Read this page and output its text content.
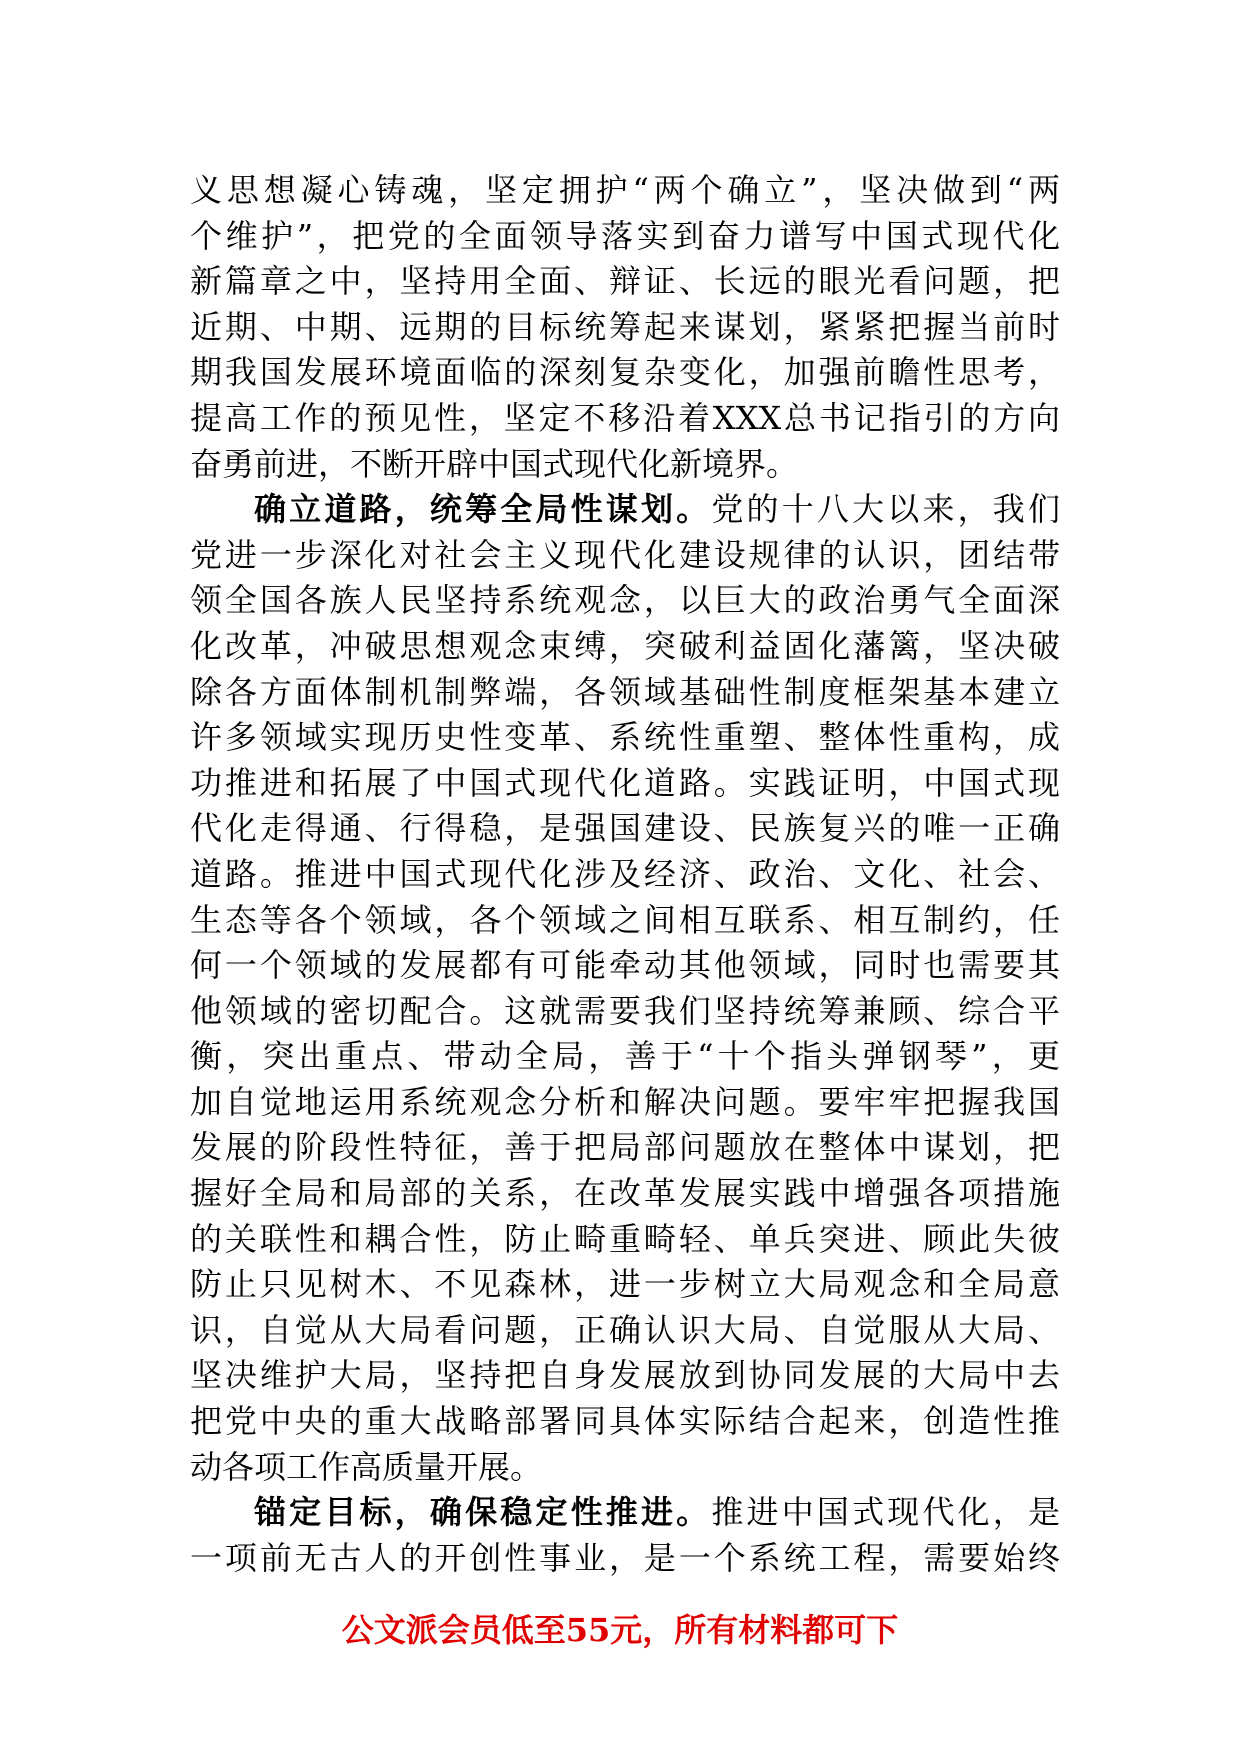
义思想凝心铸魂，坚定拥护“两个确立”，坚决做到“两
个维护”，把党的全面领导落实到奋力谱写中国式现代化
新篇章之中，坚持用全面、辩证、长远的眼光看问题，把
近期、中期、远期的目标统筹起来谋划，紧紧把握当前时
期我国发展环境面临的深刻复杂变化，加强前瞻性思考，
提高工作的预见性，坚定不移沿着XXX总书记指引的方向
奋勇前进，不断开辟中国式现代化新境界。
确立道路，统筹全局性谋划。党的十八大以来，我们
党进一步深化对社会主义现代化建设规律的认识，团结带
领全国各族人民坚持系统观念，以巨大的政治勇气全面深
化改革，冲破思想观念束缚，突破利益固化藩篱，坚决破
除各方面体制机制弊端，各领域基础性制度框架基本建立
许多领域实现历史性变革、系统性重塑、整体性重构，成
功推进和拓展了中国式现代化道路。实践证明，中国式现
代化走得通、行得稳，是强国建设、民族复兴的唯一正确
道路。推进中国式现代化涉及经济、政治、文化、社会、
生态等各个领域，各个领域之间相互联系、相互制约，任
何一个领域的发展都有可能牵动其他领域，同时也需要其
他领域的密切配合。这就需要我们坚持统筹兼顾、综合平
衡，突出重点、带动全局，善于“十个指头弹钢琴”，更
加自觉地运用系统观念分析和解决问题。要牢牢把握我国
发展的阶段性特征，善于把局部问题放在整体中谋划，把
握好全局和局部的关系，在改革发展实践中增强各项措施
的关联性和耦合性，防止畸重畸轻、单兵突进、顾此失彼
防止只见树木、不见森林，进一步树立大局观念和全局意
识，自觉从大局看问题，正确认识大局、自觉服从大局、
坚决维护大局，坚持把自身发展放到协同发展的大局中去
把党中央的重大战略部署同具体实际结合起来，创造性推
动各项工作高质量开展。
锚定目标，确保稳定性推进。推进中国式现代化，是
一项前无古人的开创性事业，是一个系统工程，需要始终
公文派会员低至55元，所有材料都可下
